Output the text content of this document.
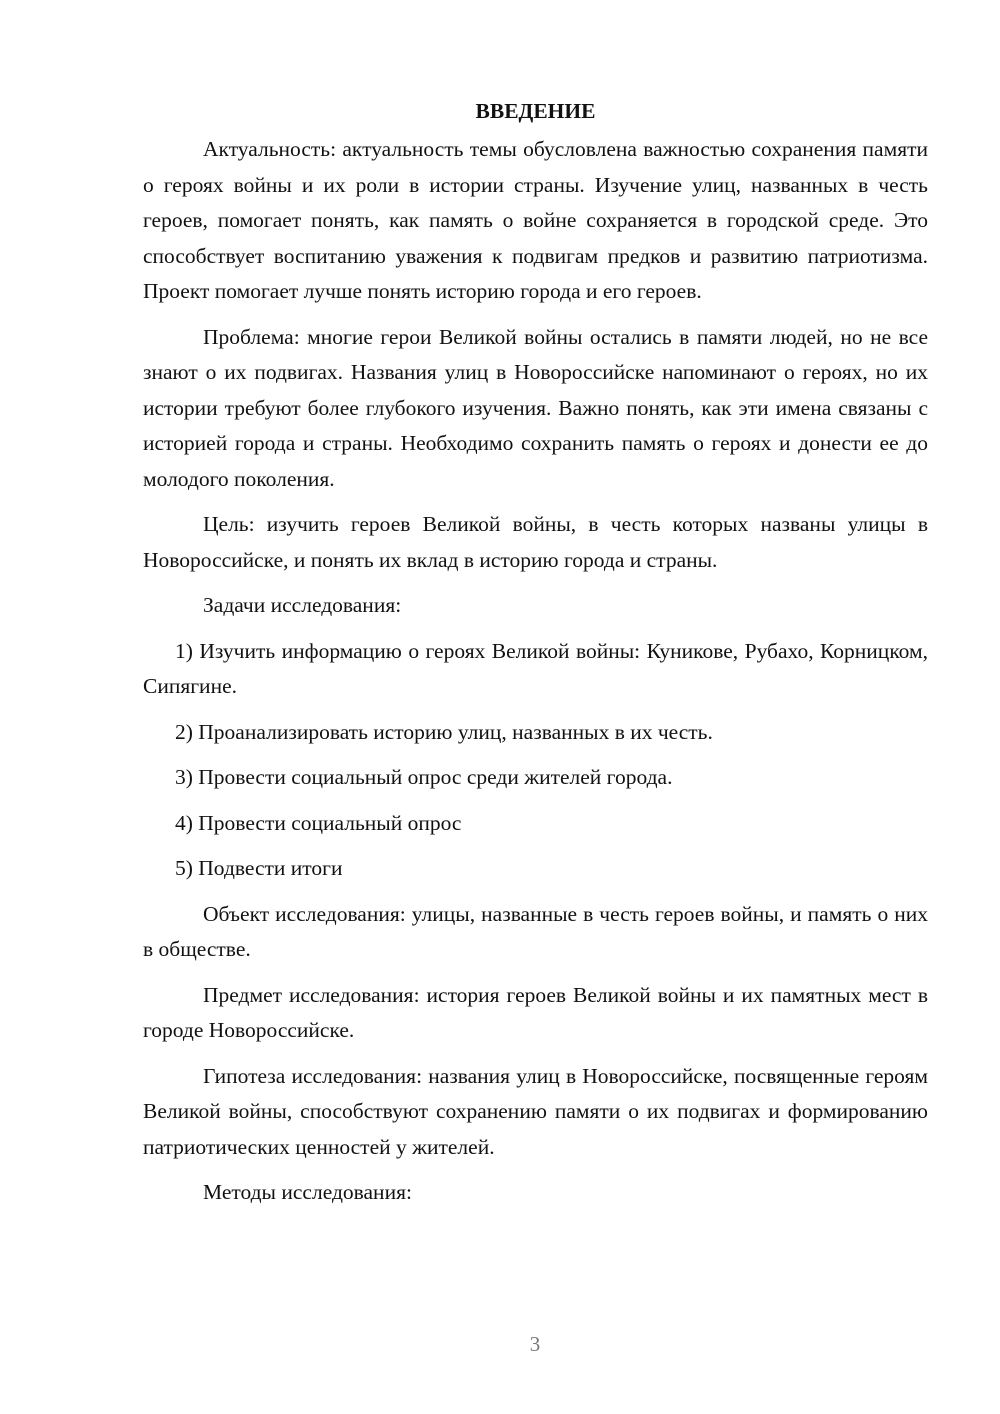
ВВЕДЕНИЕ

Актуальность: актуальность темы обусловлена важностью сохранения памяти о героях войны и их роли в истории страны. Изучение улиц, названных в честь героев, помогает понять, как память о войне сохраняется в городской среде. Это способствует воспитанию уважения к подвигам предков и развитию патриотизма. Проект помогает лучше понять историю города и его героев.

Проблема: многие герои Великой войны остались в памяти людей, но не все знают о их подвигах. Названия улиц в Новороссийске напоминают о героях, но их истории требуют более глубокого изучения. Важно понять, как эти имена связаны с историей города и страны. Необходимо сохранить память о героях и донести ее до молодого поколения.

Цель: изучить героев Великой войны, в честь которых названы улицы в Новороссийске, и понять их вклад в историю города и страны.

Задачи исследования:

1) Изучить информацию о героях Великой войны: Куникове, Рубахо, Корницком, Сипягине.

2) Проанализировать историю улиц, названных в их честь.

3) Провести социальный опрос среди жителей города.

4) Провести социальный опрос

5) Подвести итоги

Объект исследования: улицы, названные в честь героев войны, и память о них в обществе.

Предмет исследования: история героев Великой войны и их памятных мест в городе Новороссийске.

Гипотеза исследования: названия улиц в Новороссийске, посвященные героям Великой войны, способствуют сохранению памяти о их подвигах и формированию патриотических ценностей у жителей.

Методы исследования:

3
